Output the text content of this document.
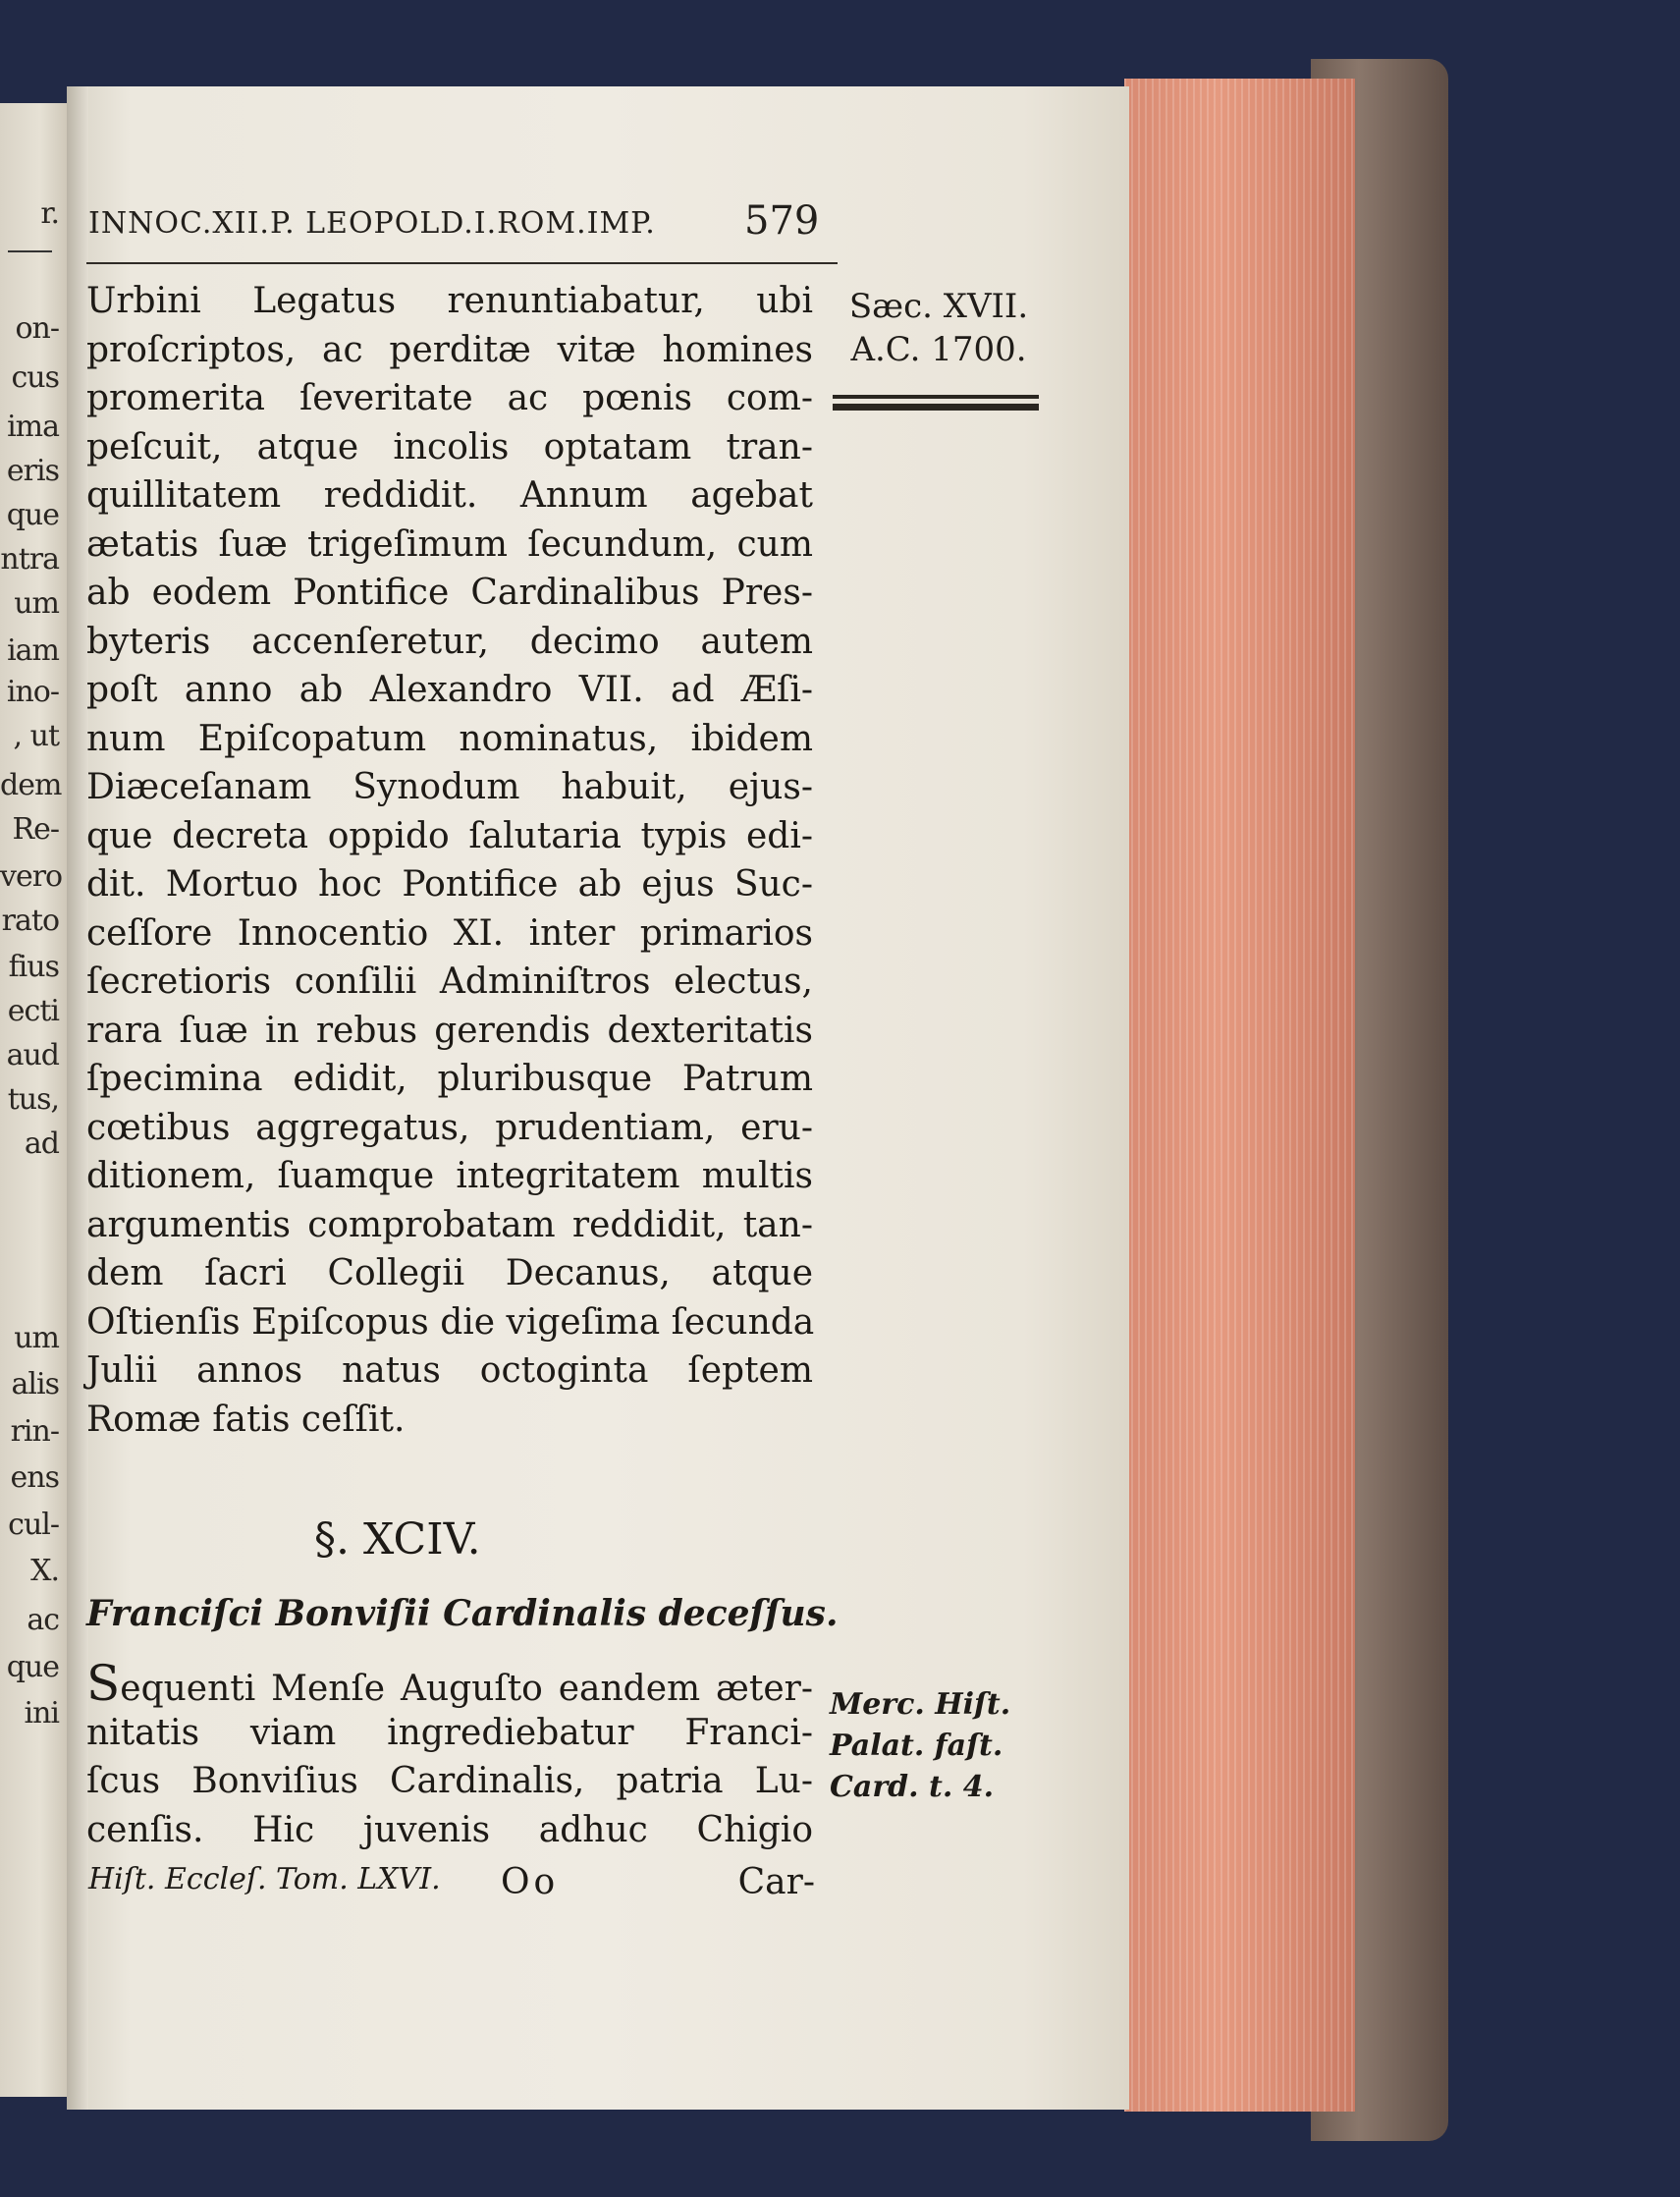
r.
on-
cus
ima
eris
que
ntra
um
iam
ino-
, ut
dem
Re-
vero
rato
fius
ecti
aud
tus,
ad
um
alis
rin-
ens
cul-
X.
ac
que
ini
INNOC.XII.P. LEOPOLD.I.ROM.IMP. 579
Sæc. XVII.
A.C. 1700.
Urbini Legatus renuntiabatur, ubi
proſcriptos, ac perditæ vitæ homines
promerita ſeveritate ac pœnis com-
peſcuit, atque incolis optatam tran-
quillitatem reddidit. Annum agebat
ætatis ſuæ trigeſimum ſecundum, cum
ab eodem Pontifice Cardinalibus Pres-
byteris accenſeretur, decimo autem
poſt anno ab Alexandro VII. ad Æſi-
num Epiſcopatum nominatus, ibidem
Diæceſanam Synodum habuit, ejus-
que decreta oppido ſalutaria typis edi-
dit. Mortuo hoc Pontifice ab ejus Suc-
ceſſore Innocentio XI. inter primarios
ſecretioris conſilii Adminiſtros electus,
rara ſuæ in rebus gerendis dexteritatis
ſpecimina edidit, pluribusque Patrum
cœtibus aggregatus, prudentiam, eru-
ditionem, ſuamque integritatem multis
argumentis comprobatam reddidit, tan-
dem ſacri Collegii Decanus, atque
Oſtienſis Epiſcopus die vigeſima ſecunda
Julii annos natus octoginta ſeptem
Romæ fatis ceſſit.
§. XCIV.
Franciſci Bonviſii Cardinalis deceſſus.
Sequenti Menſe Auguſto eandem æter-
nitatis viam ingrediebatur Franci-
ſcus Bonviſius Cardinalis, patria Lu-
cenſis. Hic juvenis adhuc Chigio
Merc. Hiſt.
Palat. faſt.
Card. t. 4.
Hiſt. Eccleſ. Tom. LXVI. Oo	Car-
